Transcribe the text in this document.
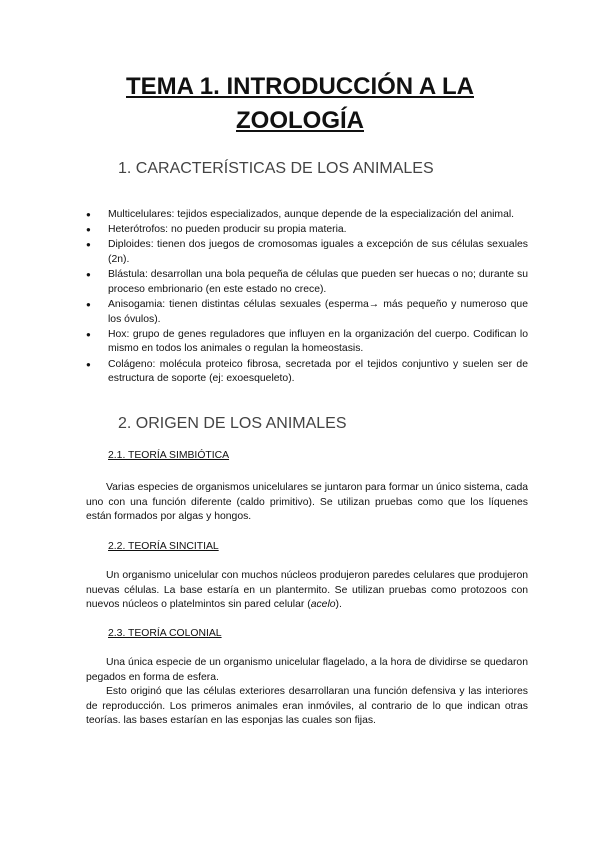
TEMA 1. INTRODUCCIÓN A LA
ZOOLOGÍA
1. CARACTERÍSTICAS DE LOS ANIMALES
● Multicelulares: tejidos especializados, aunque depende de la especialización del animal.
● Heterótrofos: no pueden producir su propia materia.
● Diploides: tienen dos juegos de cromosomas iguales a excepción de sus células sexuales (2n).
● Blástula: desarrollan una bola pequeña de células que pueden ser huecas o no; durante su proceso embrionario (en este estado no crece).
● Anisogamia: tienen distintas células sexuales (esperma→ más pequeño y numeroso que los óvulos).
● Hox: grupo de genes reguladores que influyen en la organización del cuerpo. Codifican lo mismo en todos los animales o regulan la homeostasis.
● Colágeno: molécula proteico fibrosa, secretada por el tejidos conjuntivo y suelen ser de estructura de soporte (ej: exoesqueleto).
2. ORIGEN DE LOS ANIMALES
2.1. TEORÍA SIMBIÓTICA

Varias especies de organismos unicelulares se juntaron para formar un único sistema, cada uno con una función diferente (caldo primitivo). Se utilizan pruebas como que los líquenes están formados por algas y hongos.

2.2. TEORÍA SINCITIAL

Un organismo unicelular con muchos núcleos produjeron paredes celulares que produjeron nuevas células. La base estaría en un plantermito. Se utilizan pruebas como protozoos con nuevos núcleos o platelmintos sin pared celular (acelo).

2.3. TEORÍA COLONIAL

Una única especie de un organismo unicelular flagelado, a la hora de dividirse se quedaron pegados en forma de esfera.

Esto originó que las células exteriores desarrollaran una función defensiva y las interiores de reproducción. Los primeros animales eran inmóviles, al contrario de lo que indican otras teorías. las bases estarían en las esponjas las cuales son fijas.
